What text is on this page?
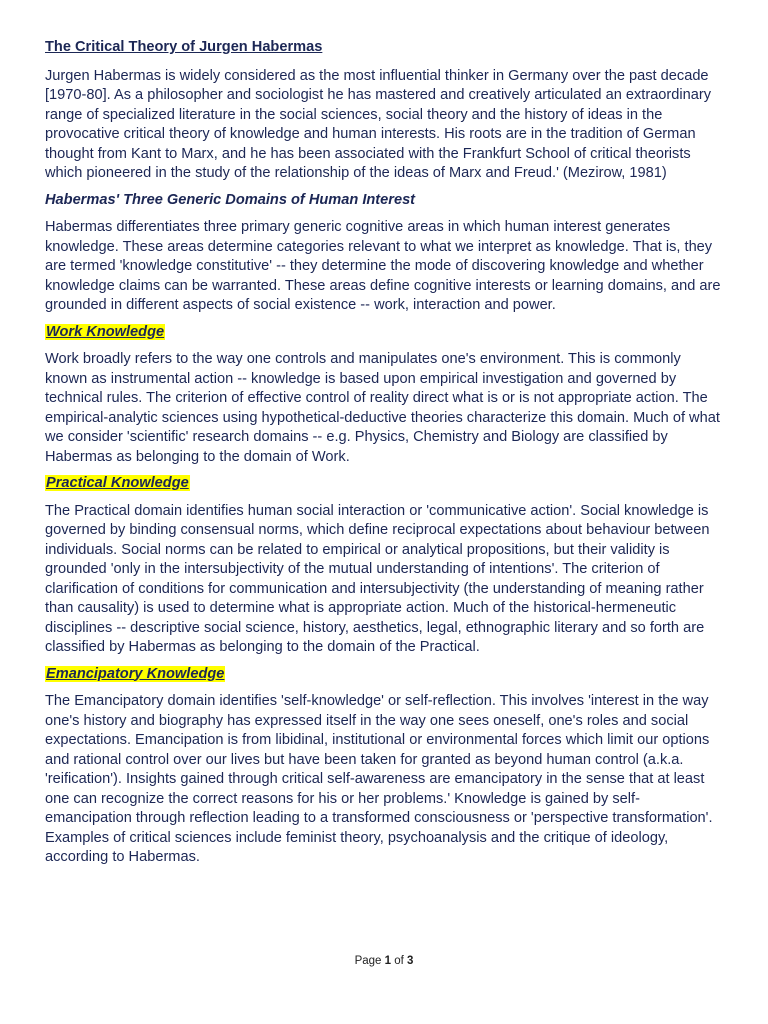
The Critical Theory of Jurgen Habermas

Jurgen Habermas is widely considered as the most influential thinker in Germany over the past decade [1970-80]. As a philosopher and sociologist he has mastered and creatively articulated an extraordinary range of specialized literature in the social sciences, social theory and the history of ideas in the provocative critical theory of knowledge and human interests. His roots are in the tradition of German thought from Kant to Marx, and he has been associated with the Frankfurt School of critical theorists which pioneered in the study of the relationship of the ideas of Marx and Freud.' (Mezirow, 1981)

Habermas' Three Generic Domains of Human Interest

Habermas differentiates three primary generic cognitive areas in which human interest generates knowledge. These areas determine categories relevant to what we interpret as knowledge. That is, they are termed 'knowledge constitutive' -- they determine the mode of discovering knowledge and whether knowledge claims can be warranted. These areas define cognitive interests or learning domains, and are grounded in different aspects of social existence -- work, interaction and power.

Work Knowledge

Work broadly refers to the way one controls and manipulates one's environment. This is commonly known as instrumental action -- knowledge is based upon empirical investigation and governed by technical rules. The criterion of effective control of reality direct what is or is not appropriate action. The empirical-analytic sciences using hypothetical-deductive theories characterize this domain. Much of what we consider 'scientific' research domains -- e.g. Physics, Chemistry and Biology are classified by Habermas as belonging to the domain of Work.

Practical Knowledge

The Practical domain identifies human social interaction or 'communicative action'. Social knowledge is governed by binding consensual norms, which define reciprocal expectations about behaviour between individuals. Social norms can be related to empirical or analytical propositions, but their validity is grounded 'only in the intersubjectivity of the mutual understanding of intentions'. The criterion of clarification of conditions for communication and intersubjectivity (the understanding of meaning rather than causality) is used to determine what is appropriate action. Much of the historical-hermeneutic disciplines -- descriptive social science, history, aesthetics, legal, ethnographic literary and so forth are classified by Habermas as belonging to the domain of the Practical.

Emancipatory Knowledge

The Emancipatory domain identifies 'self-knowledge' or self-reflection. This involves 'interest in the way one's history and biography has expressed itself in the way one sees oneself, one's roles and social expectations. Emancipation is from libidinal, institutional or environmental forces which limit our options and rational control over our lives but have been taken for granted as beyond human control (a.k.a. 'reification'). Insights gained through critical self-awareness are emancipatory in the sense that at least one can recognize the correct reasons for his or her problems.' Knowledge is gained by self-emancipation through reflection leading to a transformed consciousness or 'perspective transformation'. Examples of critical sciences include feminist theory, psychoanalysis and the critique of ideology, according to Habermas.

Page 1 of 3
